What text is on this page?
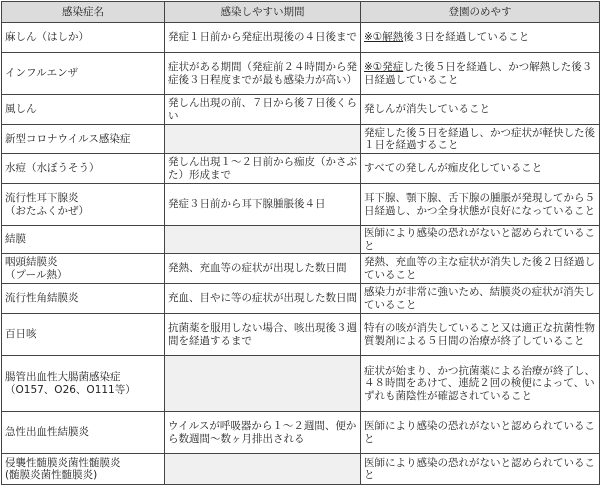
感染症名	感染しやすい期間	登園のめやす

麻しん（はしか）	発症１日前から発症出現後の４日後まで	※①解熱後３日を経過していること

インフルエンザ	症状がある期間（発症前２４時間から発症後３日程度までが最も感染力が高い）	※①発症した後５日を経過し、かつ解熱した後３日経過していること

風しん	発しん出現の前、７日から後７日後くらい	発しんが消失していること

新型コロナウイルス感染症		発症した後５日を経過し、かつ症状が軽快した後１日を経過すること

水痘（水ぼうそう）	発しん出現１～２日前から痂皮（かさぶた）形成まで	すべての発しんが痂皮化していること

流行性耳下腺炎
（おたふくかぜ）	発症３日前から耳下腺腫脹後４日	耳下腺、顎下腺、舌下腺の腫脹が発現してから５日経過し、かつ全身状態が良好になっていること

結膜		医師により感染の恐れがないと認められていること

咽頭結膜炎
（プール熱）	発熱、充血等の症状が出現した数日間	発熱、充血等の主な症状が消失した後２日経過していること

流行性角結膜炎	充血、目やに等の症状が出現した数日間	感染力が非常に強いため、結膜炎の症状が消失していること

百日咳	抗菌薬を服用しない場合、咳出現後３週間を経過するまで	特有の咳が消失していること又は適正な抗菌性物質製剤による５日間の治療が終了していること

腸管出血性大腸菌感染症
（O157、O26、O111等）		症状が始まり、かつ抗菌薬による治療が終了し、４８時間をあけて、連続２回の検便によって、いずれも菌陰性が確認されていること

急性出血性結膜炎	ウイルスが呼吸器から１～２週間、便から数週間～数ヶ月排出される	医師により感染の恐れがないと認められていること

侵襲性髄膜炎菌性髄膜炎
(髄膜炎菌性髄膜炎)		医師により感染の恐れがないと認められていること
